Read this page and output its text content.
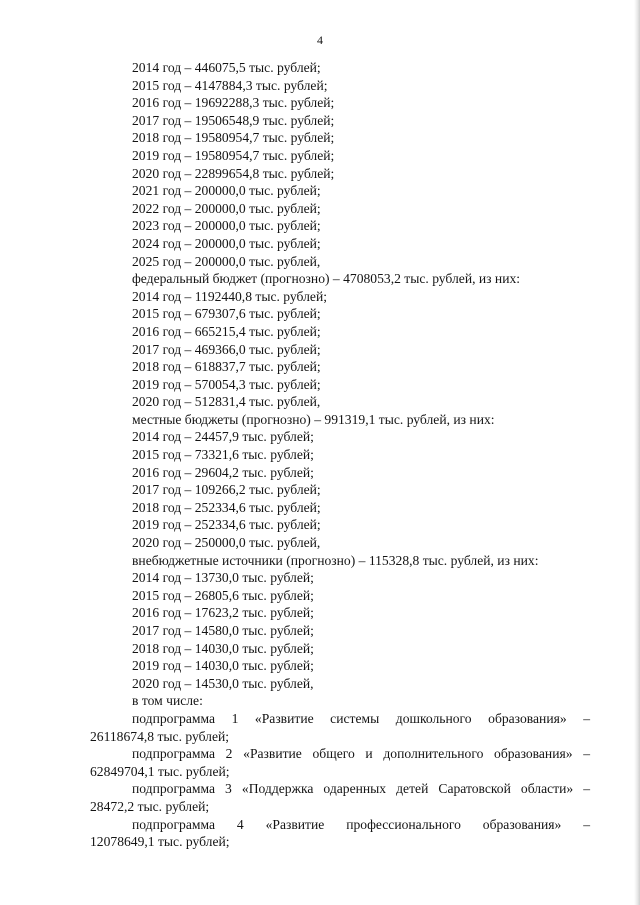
4
2014 год – 446075,5 тыс. рублей;
2015 год – 4147884,3 тыс. рублей;
2016 год – 19692288,3 тыс. рублей;
2017 год – 19506548,9 тыс. рублей;
2018 год – 19580954,7 тыс. рублей;
2019 год – 19580954,7 тыс. рублей;
2020 год – 22899654,8 тыс. рублей;
2021 год – 200000,0 тыс. рублей;
2022 год – 200000,0 тыс. рублей;
2023 год – 200000,0 тыс. рублей;
2024 год – 200000,0 тыс. рублей;
2025 год – 200000,0 тыс. рублей,
федеральный бюджет (прогнозно) – 4708053,2 тыс. рублей, из них:
2014 год – 1192440,8 тыс. рублей;
2015 год – 679307,6 тыс. рублей;
2016 год – 665215,4 тыс. рублей;
2017 год – 469366,0 тыс. рублей;
2018 год – 618837,7 тыс. рублей;
2019 год – 570054,3 тыс. рублей;
2020 год – 512831,4 тыс. рублей,
местные бюджеты (прогнозно) – 991319,1 тыс. рублей, из них:
2014 год – 24457,9 тыс. рублей;
2015 год – 73321,6 тыс. рублей;
2016 год – 29604,2 тыс. рублей;
2017 год – 109266,2 тыс. рублей;
2018 год – 252334,6 тыс. рублей;
2019 год – 252334,6 тыс. рублей;
2020 год – 250000,0 тыс. рублей,
внебюджетные источники (прогнозно) – 115328,8 тыс. рублей, из них:
2014 год – 13730,0 тыс. рублей;
2015 год – 26805,6 тыс. рублей;
2016 год – 17623,2 тыс. рублей;
2017 год – 14580,0 тыс. рублей;
2018 год – 14030,0 тыс. рублей;
2019 год – 14030,0 тыс. рублей;
2020 год – 14530,0 тыс. рублей,
в том числе:
подпрограмма 1 «Развитие системы дошкольного образования» –
26118674,8 тыс. рублей;
подпрограмма 2 «Развитие общего и дополнительного образования» –
62849704,1 тыс. рублей;
подпрограмма 3 «Поддержка одаренных детей Саратовской области» –
28472,2 тыс. рублей;
подпрограмма 4 «Развитие профессионального образования» –
12078649,1 тыс. рублей;
